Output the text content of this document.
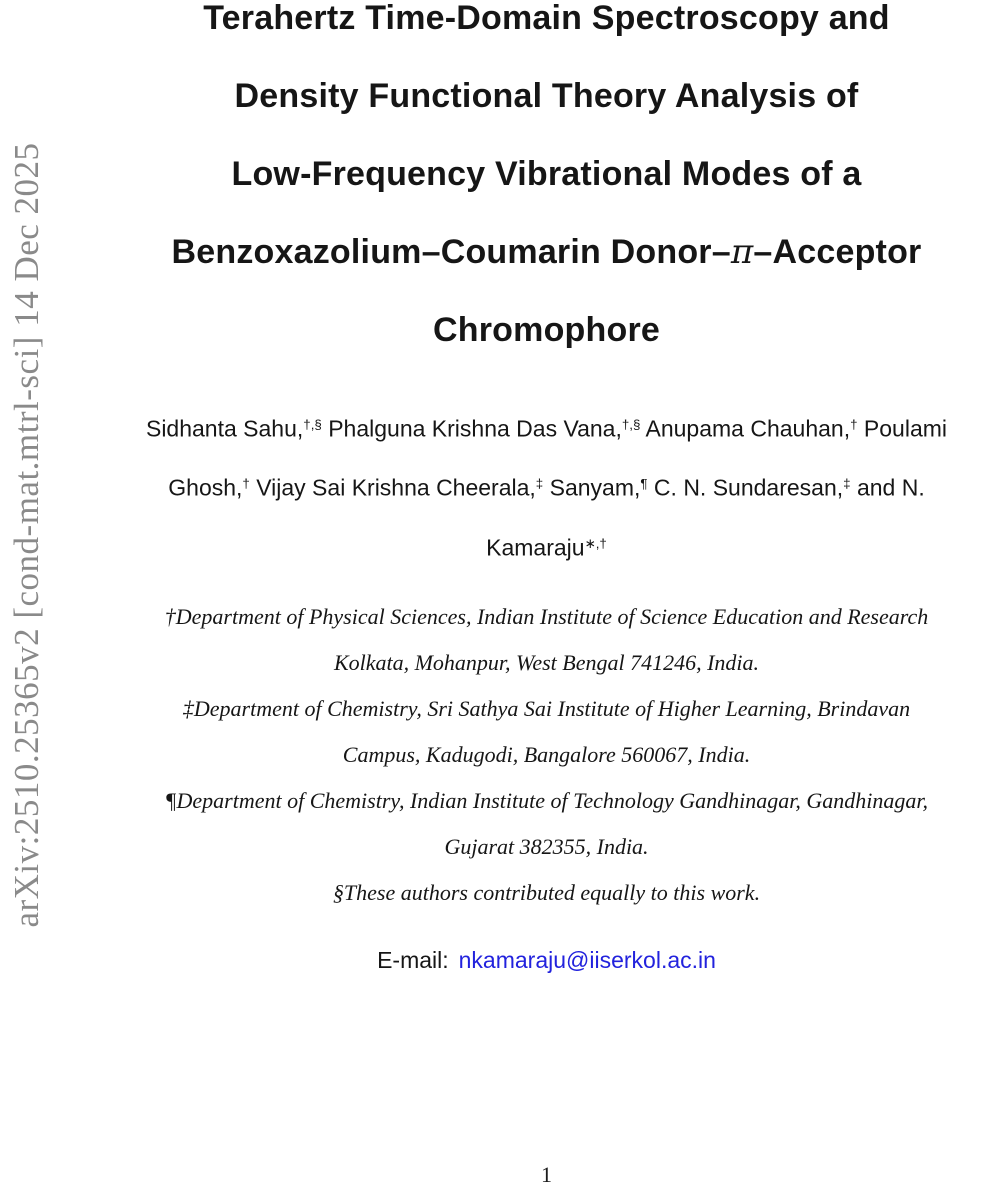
arXiv:2510.25365v2 [cond-mat.mtrl-sci] 14 Dec 2025
Terahertz Time-Domain Spectroscopy and
Density Functional Theory Analysis of
Low-Frequency Vibrational Modes of a
Benzoxazolium–Coumarin Donor–π–Acceptor
Chromophore
Sidhanta Sahu,†,§ Phalguna Krishna Das Vana,†,§ Anupama Chauhan,† Poulami
Ghosh,† Vijay Sai Krishna Cheerala,‡ Sanyam,¶ C. N. Sundaresan,‡ and N.
Kamaraju∗,†
†Department of Physical Sciences, Indian Institute of Science Education and Research
Kolkata, Mohanpur, West Bengal 741246, India.
‡Department of Chemistry, Sri Sathya Sai Institute of Higher Learning, Brindavan
Campus, Kadugodi, Bangalore 560067, India.
¶Department of Chemistry, Indian Institute of Technology Gandhinagar, Gandhinagar,
Gujarat 382355, India.
§These authors contributed equally to this work.
E-mail: nkamaraju@iiserkol.ac.in
1
